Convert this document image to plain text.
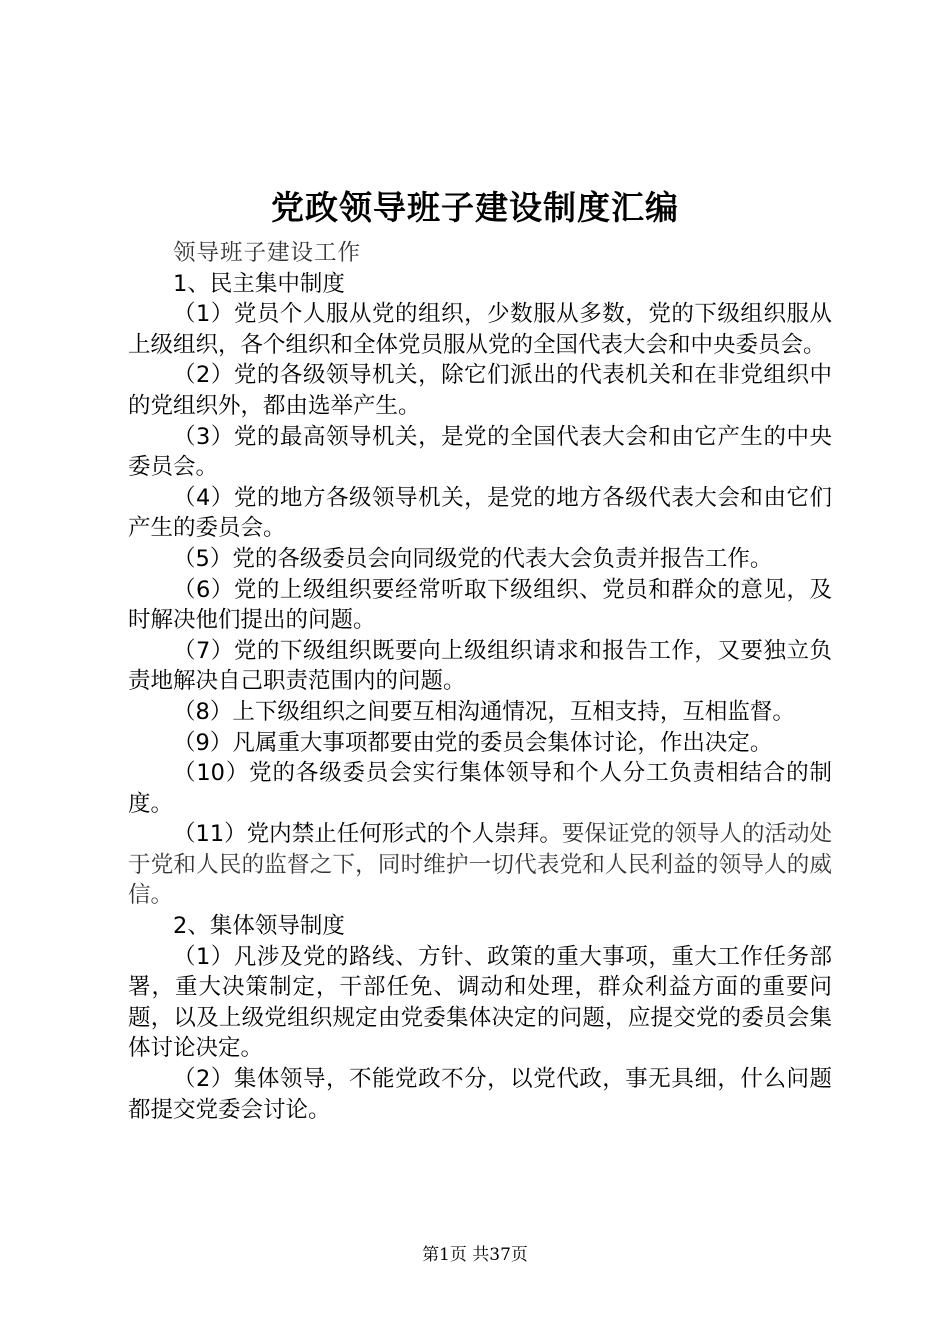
党政领导班子建设制度汇编

领导班子建设工作

1、民主集中制度

（1）党员个人服从党的组织，少数服从多数，党的下级组织服从上级组织，各个组织和全体党员服从党的全国代表大会和中央委员会。

（2）党的各级领导机关，除它们派出的代表机关和在非党组织中的党组织外，都由选举产生。

（3）党的最高领导机关，是党的全国代表大会和由它产生的中央委员会。

（4）党的地方各级领导机关，是党的地方各级代表大会和由它们产生的委员会。

（5）党的各级委员会向同级党的代表大会负责并报告工作。

（6）党的上级组织要经常听取下级组织、党员和群众的意见，及时解决他们提出的问题。

（7）党的下级组织既要向上级组织请求和报告工作，又要独立负责地解决自己职责范围内的问题。

（8）上下级组织之间要互相沟通情况，互相支持，互相监督。

（9）凡属重大事项都要由党的委员会集体讨论，作出决定。

（10）党的各级委员会实行集体领导和个人分工负责相结合的制度。

（11）党内禁止任何形式的个人崇拜。要保证党的领导人的活动处于党和人民的监督之下，同时维护一切代表党和人民利益的领导人的威信。

2、集体领导制度

（1）凡涉及党的路线、方针、政策的重大事项，重大工作任务部署，重大决策制定，干部任免、调动和处理，群众利益方面的重要问题，以及上级党组织规定由党委集体决定的问题，应提交党的委员会集体讨论决定。

（2）集体领导，不能党政不分，以党代政，事无具细，什么问题都提交党委会讨论。

第1页 共37页
